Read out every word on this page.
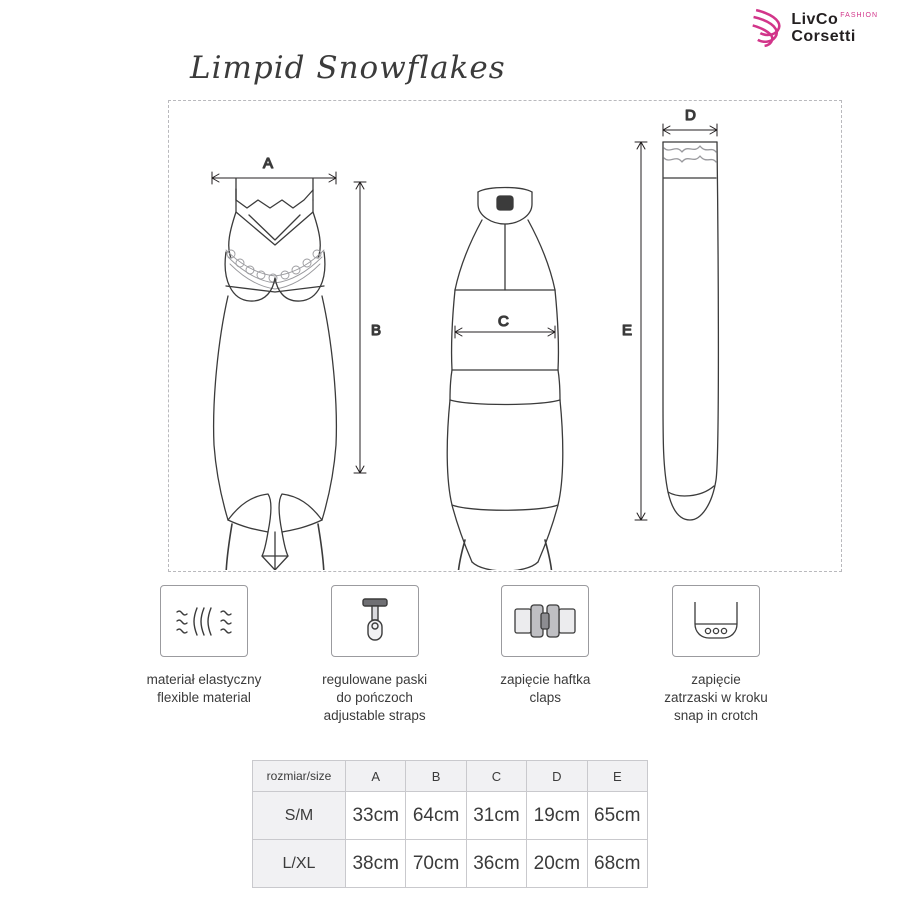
LivCo $^{FASHION}$
Corsetti
Limpid Snowflakes
A
B
C
D
E
materiał elastyczny
flexible material
regulowane paski
do pończoch
adjustable straps
zapięcie haftka
claps
zapięcie
zatrzaski w kroku
snap in crotch
rozmiar/size	A	B	C	D	E
S/M	33cm	64cm	31cm	19cm	65cm
L/XL	38cm	70cm	36cm	20cm	68cm
